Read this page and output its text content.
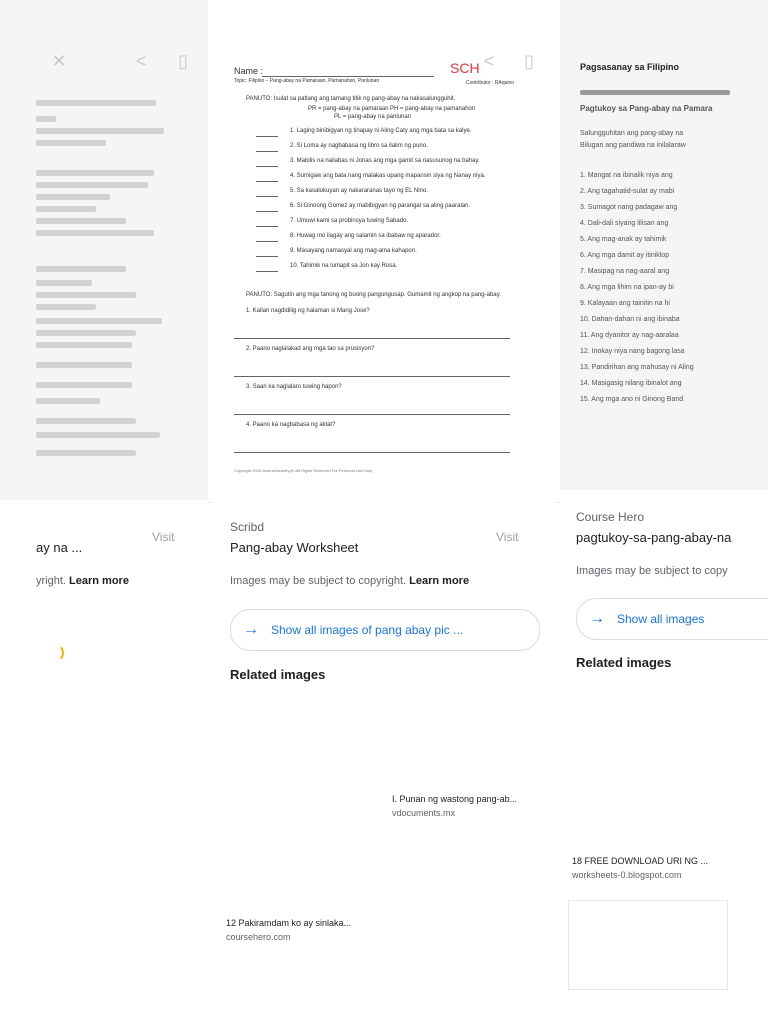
✕	<	▯
ay na ...
Visit
yright. Learn more
<	▯
Name :	SCH
Topic: Filipino – Pang-abay na Pamaraan, Pamanahon, Panlunan	Contributor : RAquino
PANUTO: Isulat sa patlang ang tamang titik ng pang-abay na nakasalungguhit.
PR = pang-abay na pamaraan PH = pang-abay na pamanahon
PL = pang-abay na panlunan
1. Laging binibigyan ng tinapay ni Aling Caty ang mga bata sa kalye.
2. Si Loma ay nagbabasa ng libro sa ilalim ng puno.
3. Mabilis na nailabas ni Jonas ang mga gamit sa nasusunog na bahay.
4. Sumigaw ang bata nang malakas upang mapansin siya ng Nanay niya.
5. Sa kasalukuyan ay nakararanas tayo ng EL Nino.
6. Si Ginoong Gomez ay mabibigyan ng parangal sa aling paaralan.
7. Umuwi kami sa probinsya tuwing Sabado.
8. Huwag mo ilagay ang salamin sa ibabaw ng aparador.
9. Masayang namasyal ang mag-ama kahapon.
10. Tahimik na lumapit sa Jon kay Rosa.
PANUTO: Sagutin ang mga tanong ng buong pangungusap. Gumamit ng angkop na pang-abay.
1. Kailan nagdidilig ng halaman si Mang Jose?
2. Paano naglalakad ang mga tao sa prusisyon?
3. Saan ka naglalaro tuwing hapon?
4. Paano ka nagbabasa ng aklat?
Copyright 2020 www.schoolcity.ph All Rights Reserved For Personal Use Only
Scribd
Pang-abay Worksheet
Visit
Images may be subject to copyright. Learn more
→ Show all images of pang abay pic ...
Related images
I. Punan ng wastong pang-ab...
vdocuments.mx
12 Pakiramdam ko ay sinlaka...
coursehero.com
Pagsasanay sa Filipino
Pagtukoy sa Pang-abay na Pamara
Salungguhitan ang pang-abay na
Bilugan ang pandiwa na inilalaraw
1. Mangat na ibinalik niya ang
2. Ang tagahatid-sulat ay mabi
3. Sumagot nang padagaw ang
4. Dali-dali siyang lilisan ang
5. Ang mag-anak ay tahimik
6. Ang mga damit ay itiniklop
7. Masipag na nag-aaral ang
8. Ang mga lihim na ipan-ay bi
9. Kalayaan ang tainitin na hi
10. Dahan-dahan ni ang ibinaba
11. Ang dyanitor ay nag-aaralaa
12. Inokay niya nang bagong lasa
13. Pandirihan ang mahusay ni Aling
14. Masigasig nilang ibinalot ang
15. Ang mga ano ni Ginong Band
Course Hero
pagtukoy-sa-pang-abay-na
Images may be subject to copy
→ Show all images
Related images
18 FREE DOWNLOAD URI NG ...
worksheets-0.blogspot.com
